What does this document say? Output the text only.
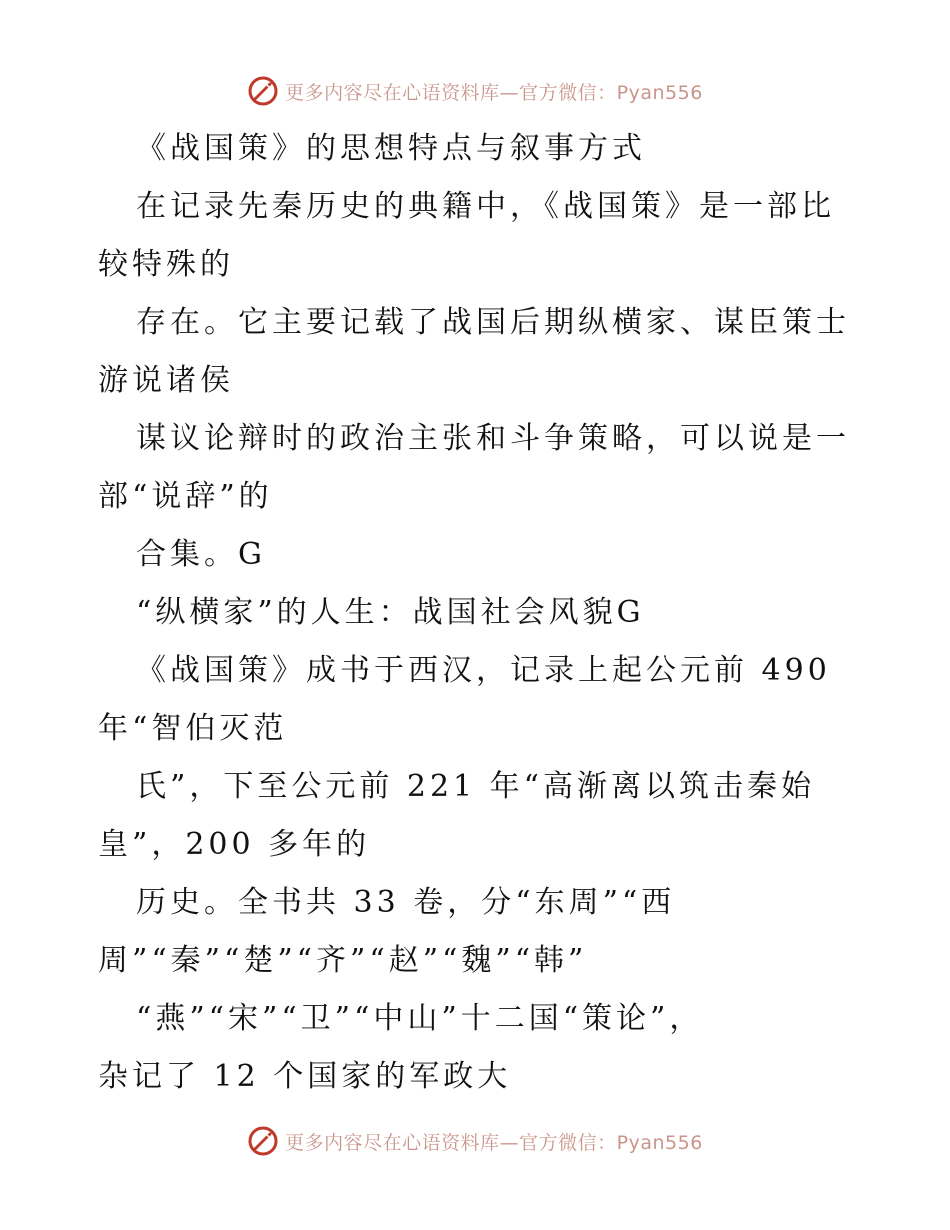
更多内容尽在心语资料库—官方微信：Pyan556
《战国策》的思想特点与叙事方式
在记录先秦历史的典籍中，《战国策》是一部比
较特殊的
存在。它主要记载了战国后期纵横家、谋臣策士
游说诸侯
谋议论辩时的政治主张和斗争策略，可以说是一
部“说辞”的
合集。G
“纵横家”的人生：战国社会风貌G
《战国策》成书于西汉，记录上起公元前 490
年“智伯灭范
氏”，下至公元前 221 年“高渐离以筑击秦始
皇”，200 多年的
历史。全书共 33 卷，分“东周”“西
周”“秦”“楚”“齐”“赵”“魏”“韩”
“燕”“宋”“卫”“中山”十二国“策论”，
杂记了 12 个国家的军政大
更多内容尽在心语资料库—官方微信：Pyan556
